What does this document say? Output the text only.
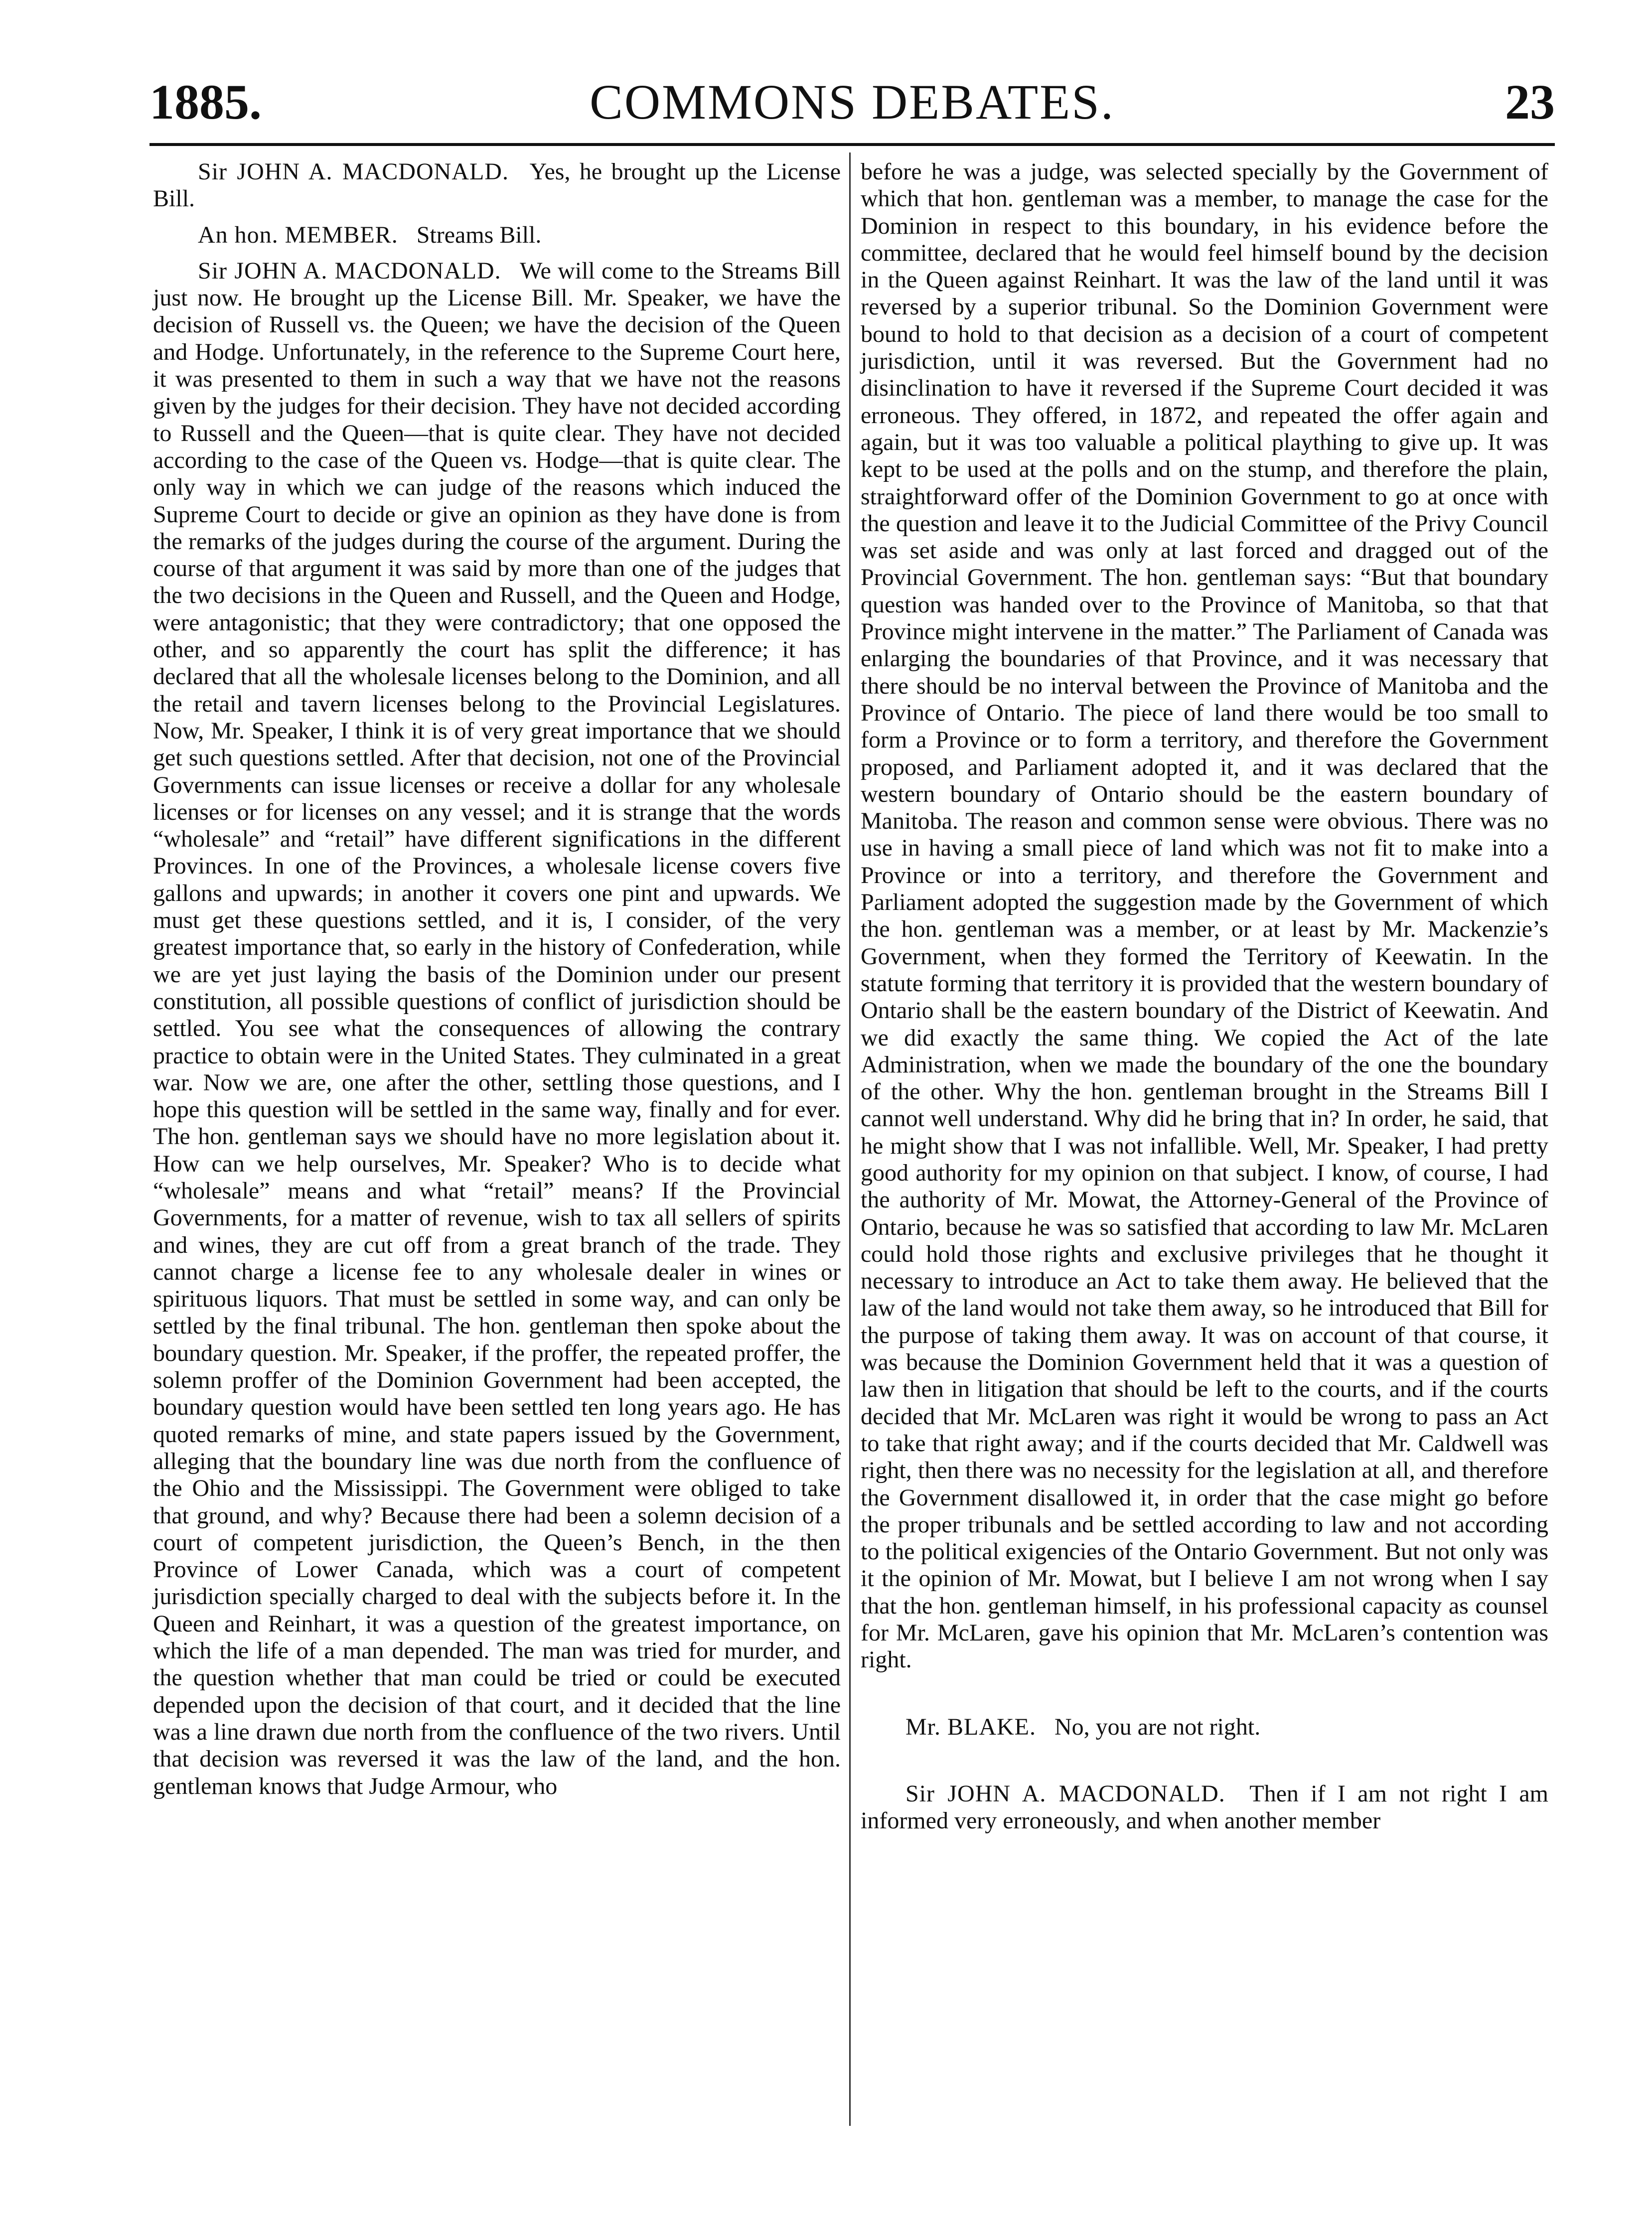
1885.	COMMONS DEBATES.	23

Sir JOHN A. MACDONALD.  Yes, he brought up the License Bill.

An hon. MEMBER.  Streams Bill.

Sir JOHN A. MACDONALD.  We will come to the Streams Bill just now. He brought up the License Bill. Mr. Speaker, we have the decision of Russell vs. the Queen; we have the decision of the Queen and Hodge. Unfortunately, in the reference to the Supreme Court here, it was presented to them in such a way that we have not the reasons given by the judges for their decision. They have not decided according to Russell and the Queen—that is quite clear. They have not decided according to the case of the Queen vs. Hodge—that is quite clear. The only way in which we can judge of the reasons which induced the Supreme Court to decide or give an opinion as they have done is from the remarks of the judges during the course of the argument. During the course of that argument it was said by more than one of the judges that the two decisions in the Queen and Russell, and the Queen and Hodge, were antagonistic; that they were contradictory; that one opposed the other, and so apparently the court has split the difference; it has declared that all the wholesale licenses belong to the Dominion, and all the retail and tavern licenses belong to the Provincial Legislatures. Now, Mr. Speaker, I think it is of very great importance that we should get such questions settled. After that decision, not one of the Provincial Governments can issue licenses or receive a dollar for any wholesale licenses or for licenses on any vessel; and it is strange that the words “wholesale” and “retail” have different significations in the different Provinces. In one of the Provinces, a wholesale license covers five gallons and upwards; in another it covers one pint and upwards. We must get these questions settled, and it is, I consider, of the very greatest importance that, so early in the history of Confederation, while we are yet just laying the basis of the Dominion under our present constitution, all possible questions of conflict of jurisdiction should be settled. You see what the consequences of allowing the contrary practice to obtain were in the United States. They culminated in a great war. Now we are, one after the other, settling those questions, and I hope this question will be settled in the same way, finally and for ever. The hon. gentleman says we should have no more legislation about it. How can we help ourselves, Mr. Speaker? Who is to decide what “wholesale” means and what “retail” means? If the Provincial Governments, for a matter of revenue, wish to tax all sellers of spirits and wines, they are cut off from a great branch of the trade. They cannot charge a license fee to any wholesale dealer in wines or spirituous liquors. That must be settled in some way, and can only be settled by the final tribunal. The hon. gentleman then spoke about the boundary question. Mr. Speaker, if the proffer, the repeated proffer, the solemn proffer of the Dominion Government had been accepted, the boundary question would have been settled ten long years ago. He has quoted remarks of mine, and state papers issued by the Government, alleging that the boundary line was due north from the confluence of the Ohio and the Mississippi. The Government were obliged to take that ground, and why? Because there had been a solemn decision of a court of competent jurisdiction, the Queen’s Bench, in the then Province of Lower Canada, which was a court of competent jurisdiction specially charged to deal with the subjects before it. In the Queen and Reinhart, it was a question of the greatest importance, on which the life of a man depended. The man was tried for murder, and the question whether that man could be tried or could be executed depended upon the decision of that court, and it decided that the line was a line drawn due north from the confluence of the two rivers. Until that decision was reversed it was the law of the land, and the hon. gentleman knows that Judge Armour, who

before he was a judge, was selected specially by the Government of which that hon. gentleman was a member, to manage the case for the Dominion in respect to this boundary, in his evidence before the committee, declared that he would feel himself bound by the decision in the Queen against Reinhart. It was the law of the land until it was reversed by a superior tribunal. So the Dominion Government were bound to hold to that decision as a decision of a court of competent jurisdiction, until it was reversed. But the Government had no disinclination to have it reversed if the Supreme Court decided it was erroneous. They offered, in 1872, and repeated the offer again and again, but it was too valuable a political plaything to give up. It was kept to be used at the polls and on the stump, and therefore the plain, straightforward offer of the Dominion Government to go at once with the question and leave it to the Judicial Committee of the Privy Council was set aside and was only at last forced and dragged out of the Provincial Government. The hon. gentleman says: “But that boundary question was handed over to the Province of Manitoba, so that that Province might intervene in the matter.” The Parliament of Canada was enlarging the boundaries of that Province, and it was necessary that there should be no interval between the Province of Manitoba and the Province of Ontario. The piece of land there would be too small to form a Province or to form a territory, and therefore the Government proposed, and Parliament adopted it, and it was declared that the western boundary of Ontario should be the eastern boundary of Manitoba. The reason and common sense were obvious. There was no use in having a small piece of land which was not fit to make into a Province or into a territory, and therefore the Government and Parliament adopted the suggestion made by the Government of which the hon. gentleman was a member, or at least by Mr. Mackenzie’s Government, when they formed the Territory of Keewatin. In the statute forming that territory it is provided that the western boundary of Ontario shall be the eastern boundary of the District of Keewatin. And we did exactly the same thing. We copied the Act of the late Administration, when we made the boundary of the one the boundary of the other. Why the hon. gentleman brought in the Streams Bill I cannot well understand. Why did he bring that in? In order, he said, that he might show that I was not infallible. Well, Mr. Speaker, I had pretty good authority for my opinion on that subject. I know, of course, I had the authority of Mr. Mowat, the Attorney-General of the Province of Ontario, because he was so satisfied that according to law Mr. McLaren could hold those rights and exclusive privileges that he thought it necessary to introduce an Act to take them away. He believed that the law of the land would not take them away, so he introduced that Bill for the purpose of taking them away. It was on account of that course, it was because the Dominion Government held that it was a question of law then in litigation that should be left to the courts, and if the courts decided that Mr. McLaren was right it would be wrong to pass an Act to take that right away; and if the courts decided that Mr. Caldwell was right, then there was no necessity for the legislation at all, and therefore the Government disallowed it, in order that the case might go before the proper tribunals and be settled according to law and not according to the political exigencies of the Ontario Government. But not only was it the opinion of Mr. Mowat, but I believe I am not wrong when I say that the hon. gentleman himself, in his professional capacity as counsel for Mr. McLaren, gave his opinion that Mr. McLaren’s contention was right.

Mr. BLAKE.  No, you are not right.

Sir JOHN A. MACDONALD.  Then if I am not right I am informed very erroneously, and when another member
